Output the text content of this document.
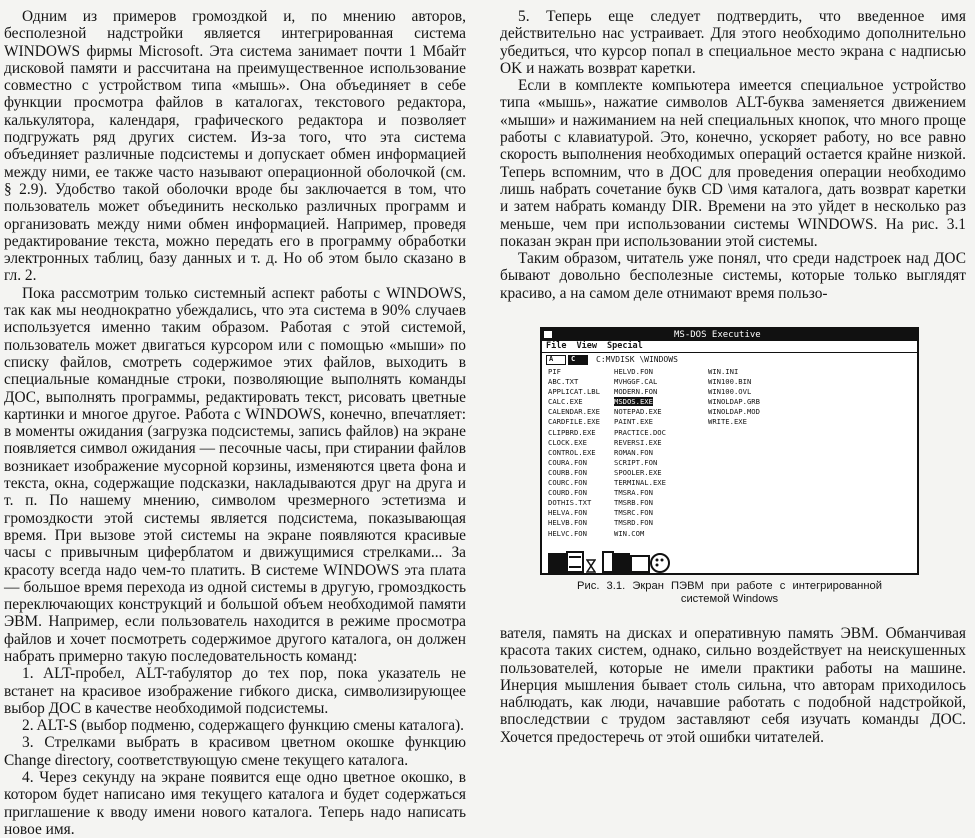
Одним из примеров громоздкой и, по мнению авторов, бесполезной надстройки является интегрированная система WINDOWS фирмы Microsoft. Эта система занимает почти 1 Мбайт дисковой памяти и рассчитана на преимущественное использование совместно с устройством типа «мышь». Она объединяет в себе функции просмотра файлов в каталогах, текстового редактора, калькулятора, календаря, графического редактора и позволяет подгружать ряд других систем. Из-за того, что эта система объединяет различные подсистемы и допускает обмен информацией между ними, ее также часто называют операционной оболочкой (см. § 2.9). Удобство такой оболочки вроде бы заключается в том, что пользователь может объединить несколько различных программ и организовать между ними обмен информацией. Например, проведя редактирование текста, можно передать его в программу обработки электронных таблиц, базу данных и т. д. Но об этом было сказано в гл. 2.

Пока рассмотрим только системный аспект работы с WINDOWS, так как мы неоднократно убеждались, что эта система в 90% случаев используется именно таким образом. Работая с этой системой, пользователь может двигаться курсором или с помощью «мыши» по списку файлов, смотреть содержимое этих файлов, выходить в специальные командные строки, позволяющие выполнять команды ДОС, выполнять программы, редактировать текст, рисовать цветные картинки и многое другое. Работа с WINDOWS, конечно, впечатляет: в моменты ожидания (загрузка подсистемы, запись файлов) на экране появляется символ ожидания — песочные часы, при стирании файлов возникает изображение мусорной корзины, изменяются цвета фона и текста, окна, содержащие подсказки, накладываются друг на друга и т. п. По нашему мнению, символом чрезмерного эстетизма и громоздкости этой системы является подсистема, показывающая время. При вызове этой системы на экране появляются красивые часы с привычным циферблатом и движущимися стрелками... За красоту всегда надо чем-то платить. В системе WINDOWS эта плата — большое время перехода из одной системы в другую, громоздкость переключающих конструкций и большой объем необходимой памяти ЭВМ. Например, если пользователь находится в режиме просмотра файлов и хочет посмотреть содержимое другого каталога, он должен набрать примерно такую последовательность команд:

1. ALT-пробел, ALT-табулятор до тех пор, пока указатель не встанет на красивое изображение гибкого диска, символизирующее выбор ДОС в качестве необходимой подсистемы.

2. ALT-S (выбор подменю, содержащего функцию смены каталога).

3. Стрелками выбрать в красивом цветном окошке функцию Change directory, соответствующую смене текущего каталога.

4. Через секунду на экране появится еще одно цветное окошко, в котором будет написано имя текущего каталога и будет содержаться приглашение к вводу имени нового каталога. Теперь надо написать новое имя.

5. Теперь еще следует подтвердить, что введенное имя действительно нас устраивает. Для этого необходимо дополнительно убедиться, что курсор попал в специальное место экрана с надписью OK и нажать возврат каретки.

Если в комплекте компьютера имеется специальное устройство типа «мышь», нажатие символов ALT-буква заменяется движением «мыши» и нажиманием на ней специальных кнопок, что много проще работы с клавиатурой. Это, конечно, ускоряет работу, но все равно скорость выполнения необходимых операций остается крайне низкой. Теперь вспомним, что в ДОС для проведения операции необходимо лишь набрать сочетание букв CD \имя каталога, дать возврат каретки и затем набрать команду DIR. Времени на это уйдет в несколько раз меньше, чем при использовании системы WINDOWS. На рис. 3.1 показан экран при использовании этой системы.

Таким образом, читатель уже понял, что среди надстроек над ДОС бывают довольно бесполезные системы, которые только выглядят красиво, а на самом деле отнимают время пользо-

MS-DOS Executive
File View Special
A	C	C:MVDISK \WINDOWS
PIF
ABC.TXT
APPLICAT.LBL
CALC.EXE
CALENDAR.EXE
CARDFILE.EXE
CLIPBRD.EXE
CLOCK.EXE
CONTROL.EXE
COURA.FON
COURB.FON
COURC.FON
COURD.FON
DOTHIS.TXT
HELVA.FON
HELVB.FON
HELVC.FON
HELVD.FON
MVHGGF.CAL
MODERN.FON
MSDOS.EXE
NOTEPAD.EXE
PAINT.EXE
PRACTICE.DOC
REVERSI.EXE
ROMAN.FON
SCRIPT.FON
SPOOLER.EXE
TERMINAL.EXE
TMSRA.FON
TMSRB.FON
TMSRC.FON
TMSRD.FON
WIN.COM
WIN.INI
WIN100.BIN
WIN100.OVL
WINOLDAP.GRB
WINOLDAP.MOD
WRITE.EXE
Рис. 3.1. Экран ПЭВМ при работе с интегрированной
системой Windows

вателя, память на дисках и оперативную память ЭВМ. Обманчивая красота таких систем, однако, сильно воздействует на неискушенных пользователей, которые не имели практики работы на машине. Инерция мышления бывает столь сильна, что авторам приходилось наблюдать, как люди, начавшие работать с подобной надстройкой, впоследствии с трудом заставляют себя изучать команды ДОС. Хочется предостеречь от этой ошибки читателей.
